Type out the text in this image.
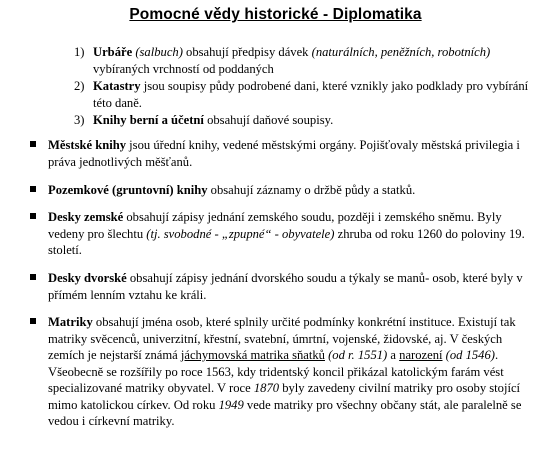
Pomocné vědy historické - Diplomatika
1) Urbáře (salbuch) obsahují předpisy dávek (naturálních, peněžních, robotních) vybíraných vrchností od poddaných
2) Katastry jsou soupisy půdy podrobené dani, které vznikly jako podklady pro vybírání této daně.
3) Knihy berní a účetní obsahují daňové soupisy.
Městské knihy jsou úřední knihy, vedené městskými orgány. Pojišťovaly městská privilegia i práva jednotlivých měšťanů.
Pozemkové (gruntovní) knihy obsahují záznamy o držbě půdy a statků.
Desky zemské obsahují zápisy jednání zemského soudu, později i zemského sněmu. Byly vedeny pro šlechtu (tj. svobodné - „zpupné“ - obyvatele) zhruba od roku 1260 do poloviny 19. století.
Desky dvorské obsahují zápisy jednání dvorského soudu a týkaly se manů- osob, které byly v přímém lenním vztahu ke králi.
Matriky obsahují jména osob, které splnily určité podmínky konkrétní instituce. Existují tak matriky svěcenců, univerzitní, křestní, svatební, úmrtní, vojenské, židovské, aj. V českých zemích je nejstarší známá jáchymovská matrika sňatků (od r. 1551) a narození (od 1546). Všeobecně se rozšířily po roce 1563, kdy tridentský koncil přikázal katolickým farám vést specializované matriky obyvatel. V roce 1870 byly zavedeny civilní matriky pro osoby stojící mimo katolickou církev. Od roku 1949 vede matriky pro všechny občany stát, ale paralelně se vedou i církevní matriky.
